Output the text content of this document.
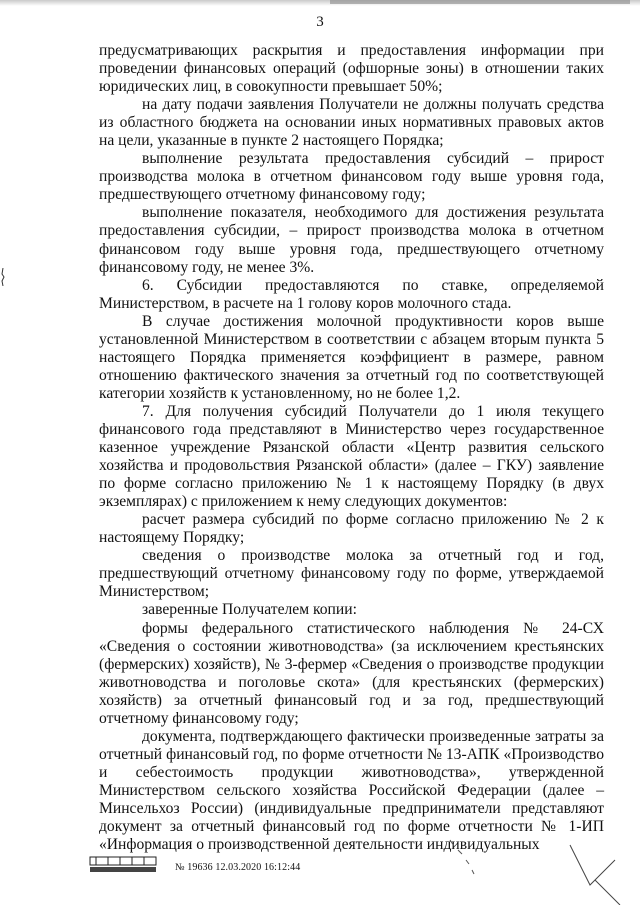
3

предусматривающих раскрытия и предоставления информации при проведении финансовых операций (офшорные зоны) в отношении таких юридических лиц, в совокупности превышает 50%;

на дату подачи заявления Получатели не должны получать средства из областного бюджета на основании иных нормативных правовых актов на цели, указанные в пункте 2 настоящего Порядка;

выполнение результата предоставления субсидий – прирост производства молока в отчетном финансовом году выше уровня года, предшествующего отчетному финансовому году;

выполнение показателя, необходимого для достижения результата предоставления субсидии, – прирост производства молока в отчетном финансовом году выше уровня года, предшествующего отчетному финансовому году, не менее 3%.

6. Субсидии предоставляются по ставке, определяемой Министерством, в расчете на 1 голову коров молочного стада.

В случае достижения молочной продуктивности коров выше установленной Министерством в соответствии с абзацем вторым пункта 5 настоящего Порядка применяется коэффициент в размере, равном отношению фактического значения за отчетный год по соответствующей категории хозяйств к установленному, но не более 1,2.

7. Для получения субсидий Получатели до 1 июля текущего финансового года представляют в Министерство через государственное казенное учреждение Рязанской области «Центр развития сельского хозяйства и продовольствия Рязанской области» (далее – ГКУ) заявление по форме согласно приложению № 1 к настоящему Порядку (в двух экземплярах) с приложением к нему следующих документов:

расчет размера субсидий по форме согласно приложению № 2 к настоящему Порядку;

сведения о производстве молока за отчетный год и год, предшествующий отчетному финансовому году по форме, утверждаемой Министерством;

заверенные Получателем копии:

формы федерального статистического наблюдения № 24-СХ «Сведения о состоянии животноводства» (за исключением крестьянских (фермерских) хозяйств), № 3-фермер «Сведения о производстве продукции животноводства и поголовье скота» (для крестьянских (фермерских) хозяйств) за отчетный финансовый год и за год, предшествующий отчетному финансовому году;

документа, подтверждающего фактически произведенные затраты за отчетный финансовый год, по форме отчетности № 13-АПК «Производство и себестоимость продукции животноводства», утвержденной Министерством сельского хозяйства Российской Федерации (далее – Минсельхоз России) (индивидуальные предприниматели представляют документ за отчетный финансовый год по форме отчетности № 1-ИП «Информация о производственной деятельности индивидуальных

№ 19636 12.03.2020 16:12:44
